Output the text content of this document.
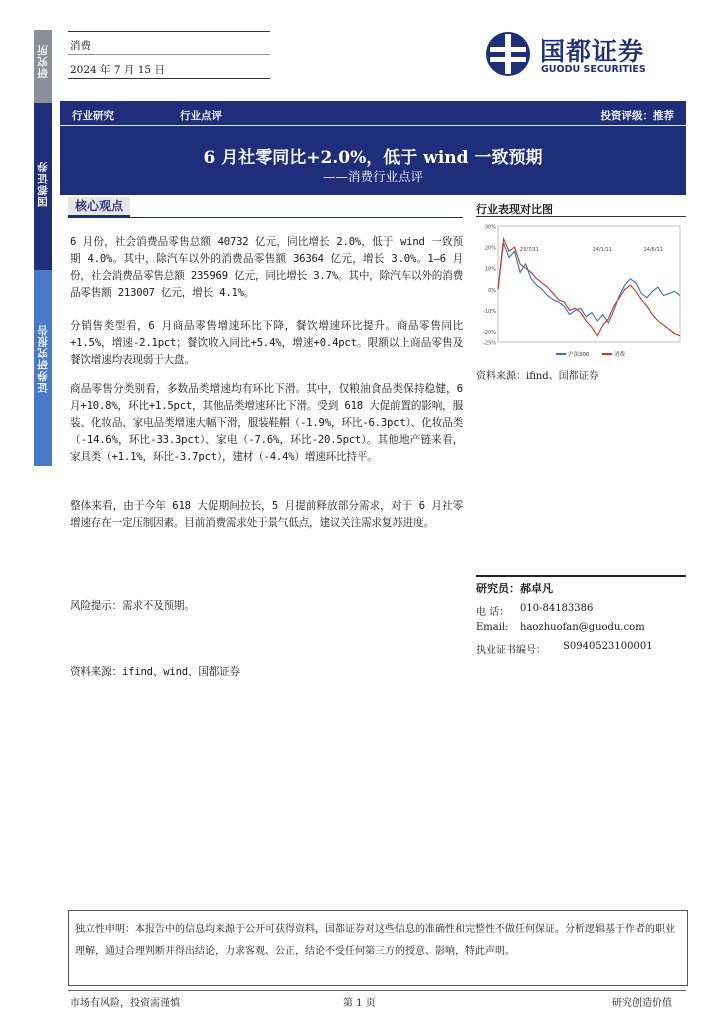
消费
2024 年 7 月 15 日
国都证券
GUODU SECURITIES
研究所
国都证券
证券研究报告
行业研究	行业点评	投资评级：推荐
6 月社零同比+2.0%，低于 wind 一致预期
——消费行业点评
核心观点
6 月份，社会消费品零售总额 40732 亿元，同比增长 2.0%，低于 wind 一致预期 4.0%。其中，除汽车以外的消费品零售额 36364 亿元，增长 3.0%。1—6 月份，社会消费品零售总额 235969 亿元，同比增长 3.7%。其中，除汽车以外的消费品零售额 213007 亿元，增长 4.1%。
分销售类型看，6 月商品零售增速环比下降，餐饮增速环比提升。商品零售同比+1.5%，增速-2.1pct；餐饮收入同比+5.4%，增速+0.4pct。限额以上商品零售及餐饮增速均表现弱于大盘。
商品零售分类别看，多数品类增速均有环比下滑。其中，仅粮油食品类保持稳健，6 月+10.8%，环比+1.5pct，其他品类增速环比下滑。受到 618 大促前置的影响，服装、化妆品、家电品类增速大幅下滑，服装鞋帽（-1.9%，环比-6.3pct）、化妆品类（-14.6%，环比-33.3pct）、家电（-7.6%，环比-20.5pct）。其他地产链来看，家具类（+1.1%，环比-3.7pct），建材（-4.4%）增速环比持平。
整体来看，由于今年 618 大促期间拉长，5 月提前释放部分需求，对于 6 月社零增速存在一定压制因素。目前消费需求处于景气低点，建议关注需求复苏进度。
风险提示：需求不及预期。
资料来源：ifind、wind、国都证券
行业表现对比图
30%
20%
10%
0%
-10%
-20%
-25%
23/7/11	24/1/11	24/6/11
沪深300	消费
资料来源：ifind、国都证券
研究员：郝卓凡
电 话： 010-84183386
Email: haozhuofan@guodu.com
执业证书编号： S0940523100001
独立性申明：本报告中的信息均来源于公开可获得资料，国都证券对这些信息的准确性和完整性不做任何保证。分析逻辑基于作者的职业理解，通过合理判断并得出结论，力求客观、公正，结论不受任何第三方的授意、影响，特此声明。
市场有风险，投资需谨慎	第 1 页	研究创造价值
